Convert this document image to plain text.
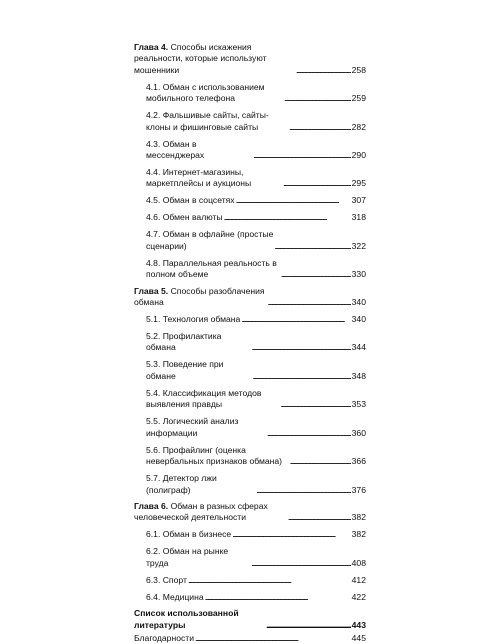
Глава 4. Способы искажения реальности, которые используют мошенники . . .	258
4.1. Обман с использованием мобильного телефона . . .	259
4.2. Фальшивые сайты, сайты-клоны и фишинговые сайты . . .	282
4.3. Обман в мессенджерах . . .	290
4.4. Интернет-магазины, маркетплейсы и аукционы . . .	295
4.5. Обман в соцсетях . . .	307
4.6. Обмен валюты . . .	318
4.7. Обман в офлайне (простые сценарии) . . .	322
4.8. Параллельная реальность в полном объеме . . .	330
Глава 5. Способы разоблачения обмана . . .	340
5.1. Технология обмана . . .	340
5.2. Профилактика обмана . . .	344
5.3. Поведение при обмане . . .	348
5.4. Классификация методов выявления правды . . .	353
5.5. Логический анализ информации . . .	360
5.6. Профайлинг (оценка невербальных признаков обмана) . . .	366
5.7. Детектор лжи (полиграф) . . .	376
Глава 6. Обман в разных сферах человеческой деятельности . . .	382
6.1. Обман в бизнесе . . .	382
6.2. Обман на рынке труда . . .	408
6.3. Спорт . . .	412
6.4. Медицина . . .	422
Список использованной литературы . . .	443
Благодарности . . .	445
